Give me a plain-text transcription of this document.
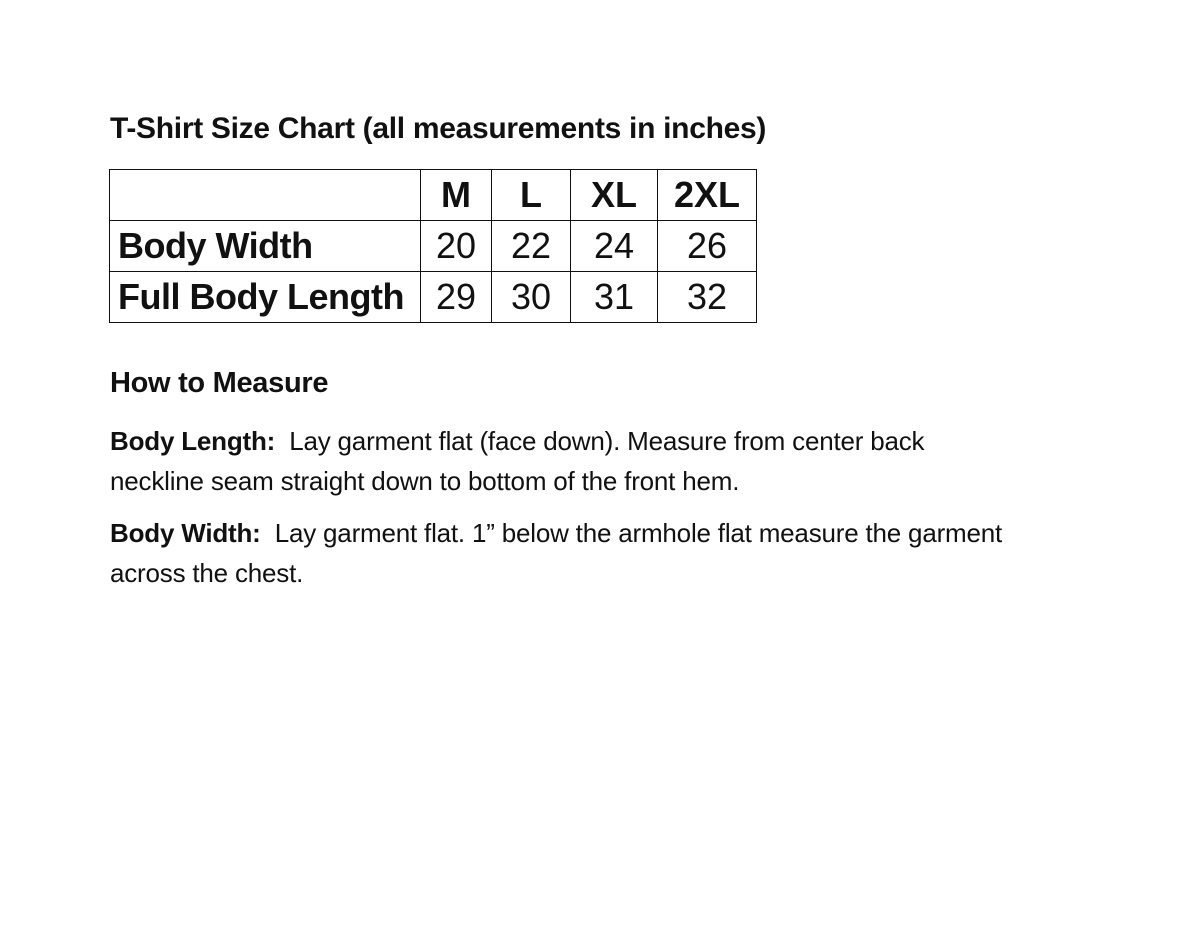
T-Shirt Size Chart (all measurements in inches)
	M	L	XL	2XL
Body Width	20	22	24	26
Full Body Length	29	30	31	32
How to Measure
Body Length: Lay garment flat (face down). Measure from center back neckline seam straight down to bottom of the front hem.
Body Width: Lay garment flat. 1” below the armhole flat measure the garment across the chest.
